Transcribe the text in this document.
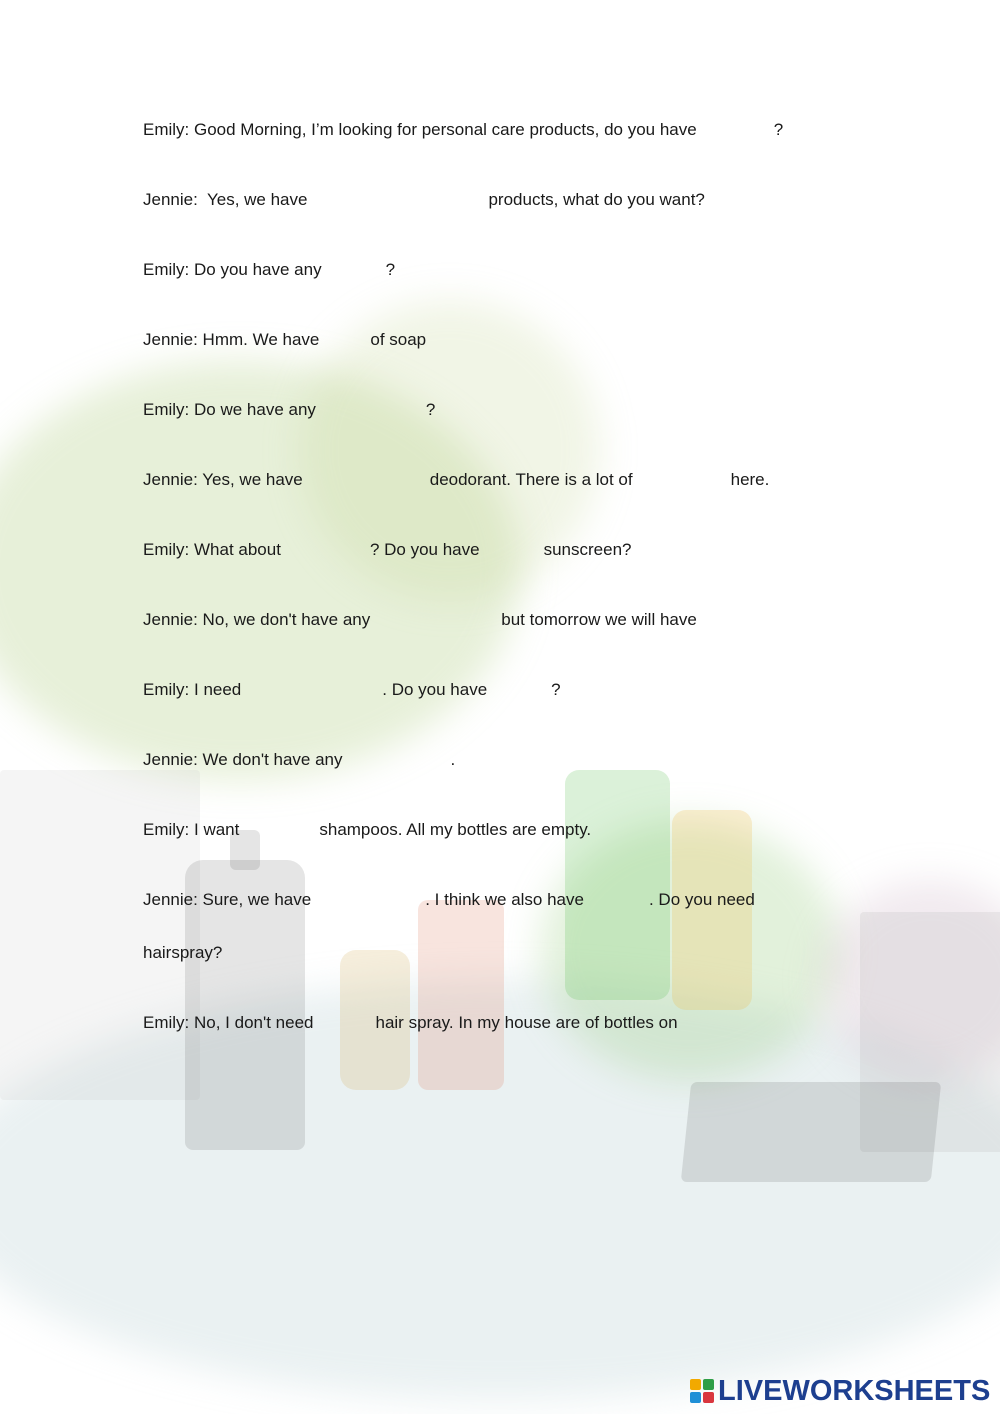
Emily: Good Morning, I’m looking for personal care products, do you have	?

Jennie:  Yes, we have	products, what do you want?

Emily: Do you have any	?

Jennie: Hmm. We have	of soap

Emily: Do we have any	?

Jennie: Yes, we have	deodorant. There is a lot of	here.

Emily: What about	? Do you have	sunscreen?

Jennie: No, we don't have any	but tomorrow we will have

Emily: I need	. Do you have	?

Jennie: We don't have any	.

Emily: I want	shampoos. All my bottles are empty.

Jennie: Sure, we have	. I think we also have	. Do you need

hairspray?

Emily: No, I don't need	hair spray. In my house are of bottles on

LIVEWORKSHEETS
